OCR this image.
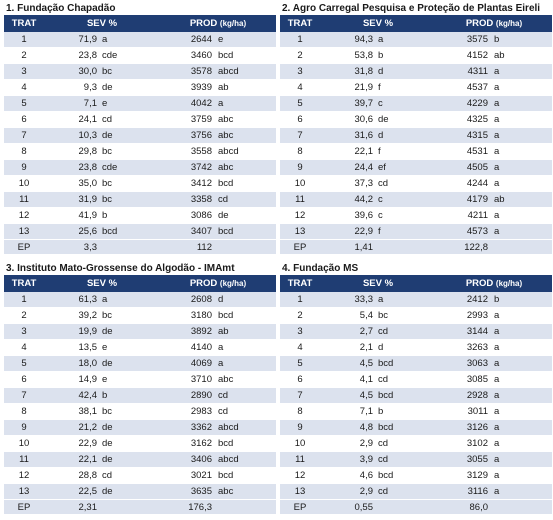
1. Fundação Chapadão
TRAT	SEV %		PROD (kg/ha)	
1	71,9	a	2644	e
2	23,8	cde	3460	bcd
3	30,0	bc	3578	abcd
4	9,3	de	3939	ab
5	7,1	e	4042	a
6	24,1	cd	3759	abc
7	10,3	de	3756	abc
8	29,8	bc	3558	abcd
9	23,8	cde	3742	abc
10	35,0	bc	3412	bcd
11	31,9	bc	3358	cd
12	41,9	b	3086	de
13	25,6	bcd	3407	bcd
EP	3,3		112	
2. Agro Carregal Pesquisa e Proteção de Plantas Eireli
TRAT	SEV %		PROD (kg/ha)	
1	94,3	a	3575	b
2	53,8	b	4152	ab
3	31,8	d	4311	a
4	21,9	f	4537	a
5	39,7	c	4229	a
6	30,6	de	4325	a
7	31,6	d	4315	a
8	22,1	f	4531	a
9	24,4	ef	4505	a
10	37,3	cd	4244	a
11	44,2	c	4179	ab
12	39,6	c	4211	a
13	22,9	f	4573	a
EP	1,41		122,8	
3. Instituto Mato-Grossense do Algodão - IMAmt
TRAT	SEV %		PROD (kg/ha)	
1	61,3	a	2608	d
2	39,2	bc	3180	bcd
3	19,9	de	3892	ab
4	13,5	e	4140	a
5	18,0	de	4069	a
6	14,9	e	3710	abc
7	42,4	b	2890	cd
8	38,1	bc	2983	cd
9	21,2	de	3362	abcd
10	22,9	de	3162	bcd
11	22,1	de	3406	abcd
12	28,8	cd	3021	bcd
13	22,5	de	3635	abc
EP	2,31		176,3	
4. Fundação MS
TRAT	SEV %		PROD (kg/ha)	
1	33,3	a	2412	b
2	5,4	bc	2993	a
3	2,7	cd	3144	a
4	2,1	d	3263	a
5	4,5	bcd	3063	a
6	4,1	cd	3085	a
7	4,5	bcd	2928	a
8	7,1	b	3011	a
9	4,8	bcd	3126	a
10	2,9	cd	3102	a
11	3,9	cd	3055	a
12	4,6	bcd	3129	a
13	2,9	cd	3116	a
EP	0,55		86,0	
